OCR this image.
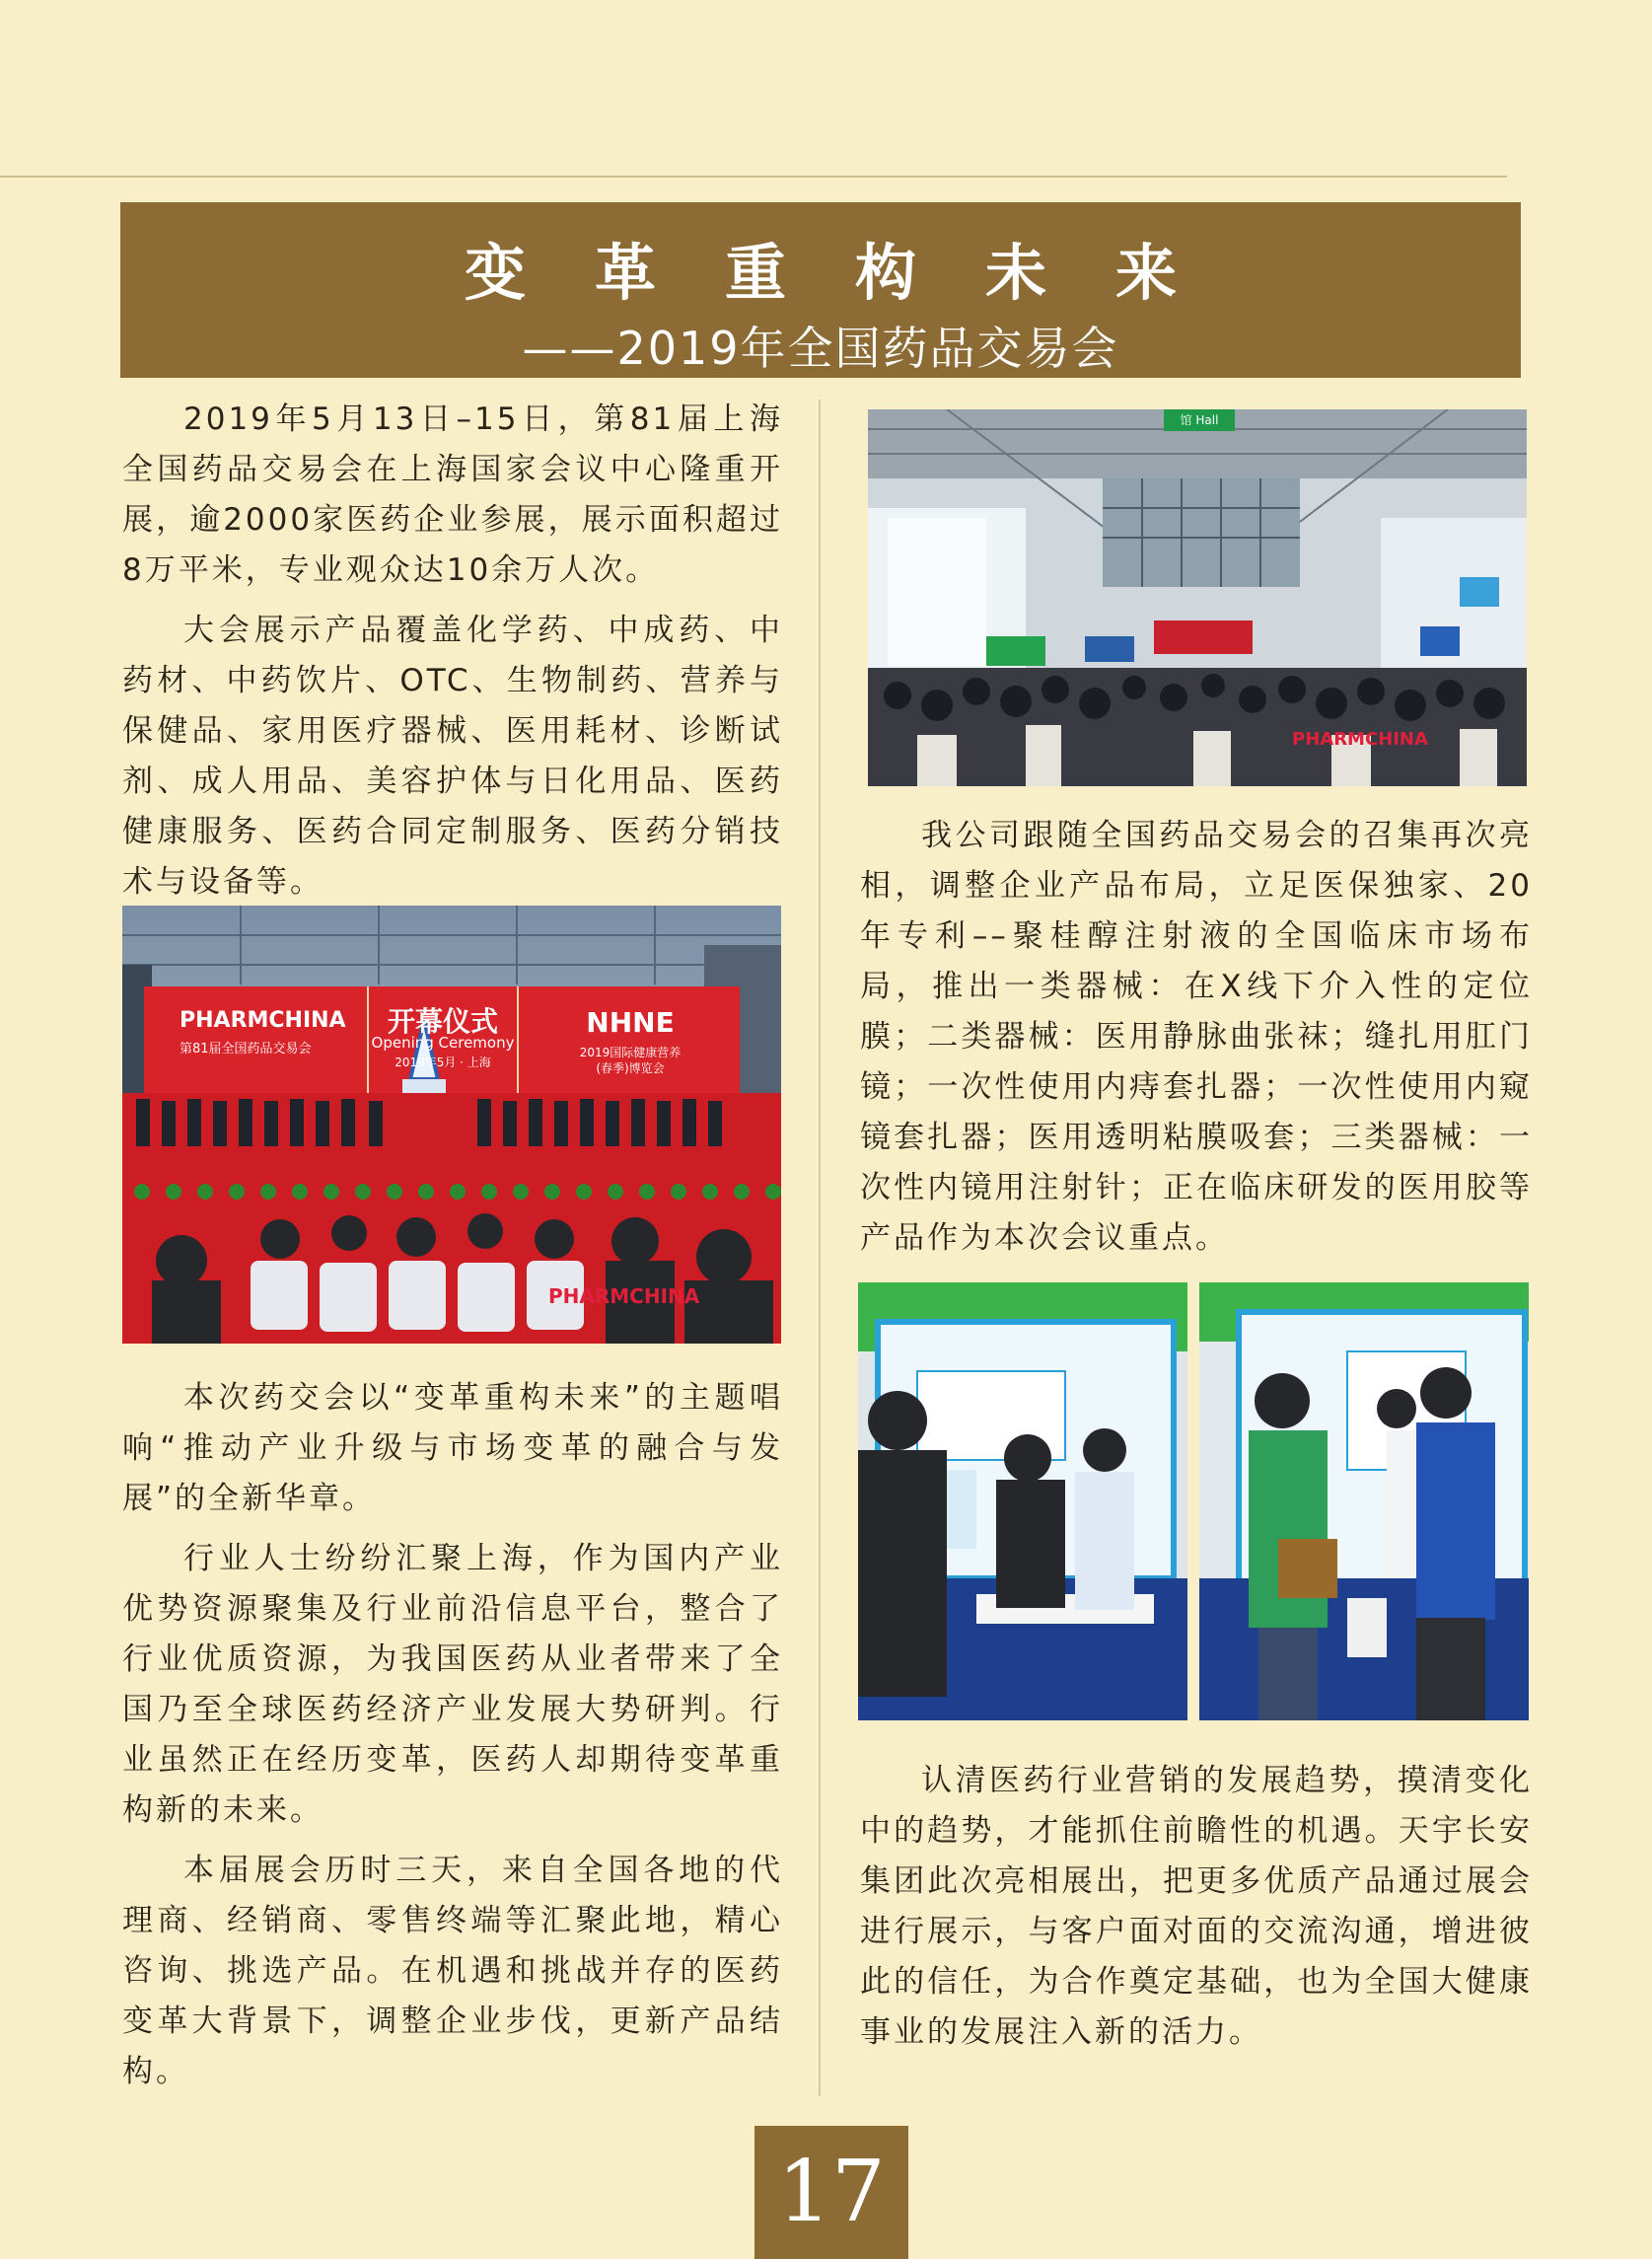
变革重构未来
——2019年全国药品交易会

2019年5月13日–15日，第81届上海全国药品交易会在上海国家会议中心隆重开展，逾2000家医药企业参展，展示面积超过8万平米，专业观众达10余万人次。

大会展示产品覆盖化学药、中成药、中药材、中药饮片、OTC、生物制药、营养与保健品、家用医疗器械、医用耗材、诊断试剂、成人用品、美容护体与日化用品、医药健康服务、医药合同定制服务、医药分销技术与设备等。

PHARMCHINA
第81届全国药品交易会
开幕仪式
Opening Ceremony
2019年5月 · 上海
NHNE
2019国际健康营养
(春季)博览会
PHARMCHINA

本次药交会以“变革重构未来”的主题唱响“推动产业升级与市场变革的融合与发展”的全新华章。

行业人士纷纷汇聚上海，作为国内产业优势资源聚集及行业前沿信息平台，整合了行业优质资源，为我国医药从业者带来了全国乃至全球医药经济产业发展大势研判。行业虽然正在经历变革，医药人却期待变革重构新的未来。

本届展会历时三天，来自全国各地的代理商、经销商、零售终端等汇聚此地，精心咨询、挑选产品。在机遇和挑战并存的医药变革大背景下，调整企业步伐，更新产品结构。

馆 Hall
PHARMCHINA

我公司跟随全国药品交易会的召集再次亮相，调整企业产品布局，立足医保独家、20年专利––聚桂醇注射液的全国临床市场布局，推出一类器械：在X线下介入性的定位膜；二类器械：医用静脉曲张袜；缝扎用肛门镜；一次性使用内痔套扎器；一次性使用内窥镜套扎器；医用透明粘膜吸套；三类器械：一次性内镜用注射针；正在临床研发的医用胶等产品作为本次会议重点。

认清医药行业营销的发展趋势，摸清变化中的趋势，才能抓住前瞻性的机遇。天宇长安集团此次亮相展出，把更多优质产品通过展会进行展示，与客户面对面的交流沟通，增进彼此的信任，为合作奠定基础，也为全国大健康事业的发展注入新的活力。

17
